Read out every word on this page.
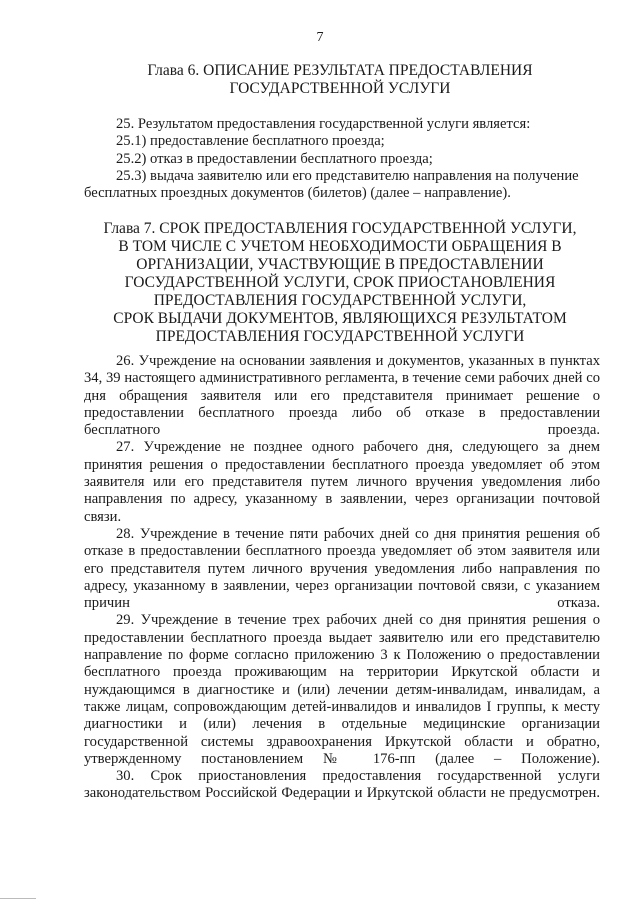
7
Глава 6. ОПИСАНИЕ РЕЗУЛЬТАТА ПРЕДОСТАВЛЕНИЯ
ГОСУДАРСТВЕННОЙ УСЛУГИ

25. Результатом предоставления государственной услуги является:

25.1) предоставление бесплатного проезда;

25.2) отказ в предоставлении бесплатного проезда;

25.3) выдача заявителю или его представителю направления на получение

бесплатных проездных документов (билетов) (далее – направление).

Глава 7. СРОК ПРЕДОСТАВЛЕНИЯ ГОСУДАРСТВЕННОЙ УСЛУГИ,
В ТОМ ЧИСЛЕ С УЧЕТОМ НЕОБХОДИМОСТИ ОБРАЩЕНИЯ В
ОРГАНИЗАЦИИ, УЧАСТВУЮЩИЕ В ПРЕДОСТАВЛЕНИИ
ГОСУДАРСТВЕННОЙ УСЛУГИ, СРОК ПРИОСТАНОВЛЕНИЯ
ПРЕДОСТАВЛЕНИЯ ГОСУДАРСТВЕННОЙ УСЛУГИ,
СРОК ВЫДАЧИ ДОКУМЕНТОВ, ЯВЛЯЮЩИХСЯ РЕЗУЛЬТАТОМ
ПРЕДОСТАВЛЕНИЯ ГОСУДАРСТВЕННОЙ УСЛУГИ

26. Учреждение на основании заявления и документов, указанных в пунктах 34, 39 настоящего административного регламента, в течение семи рабочих дней со дня обращения заявителя или его представителя принимает решение о предоставлении бесплатного проезда либо об отказе в предоставлении бесплатного проезда.

27. Учреждение не позднее одного рабочего дня, следующего за днем принятия решения о предоставлении бесплатного проезда уведомляет об этом заявителя или его представителя путем личного вручения уведомления либо направления по адресу, указанному в заявлении, через организации почтовой связи.

28. Учреждение в течение пяти рабочих дней со дня принятия решения об отказе в предоставлении бесплатного проезда уведомляет об этом заявителя или его представителя путем личного вручения уведомления либо направления по адресу, указанному в заявлении, через организации почтовой связи, с указанием причин отказа.

29. Учреждение в течение трех рабочих дней со дня принятия решения о предоставлении бесплатного проезда выдает заявителю или его представителю направление по форме согласно приложению 3 к Положению о предоставлении бесплатного проезда проживающим на территории Иркутской области и нуждающимся в диагностике и (или) лечении детям-инвалидам, инвалидам, а также лицам, сопровождающим детей-инвалидов и инвалидов I группы, к месту диагностики и (или) лечения в отдельные медицинские организации государственной системы здравоохранения Иркутской области и обратно, утвержденному постановлением № 176-пп (далее – Положение).

30. Срок приостановления предоставления государственной услуги законодательством Российской Федерации и Иркутской области не предусмотрен.
